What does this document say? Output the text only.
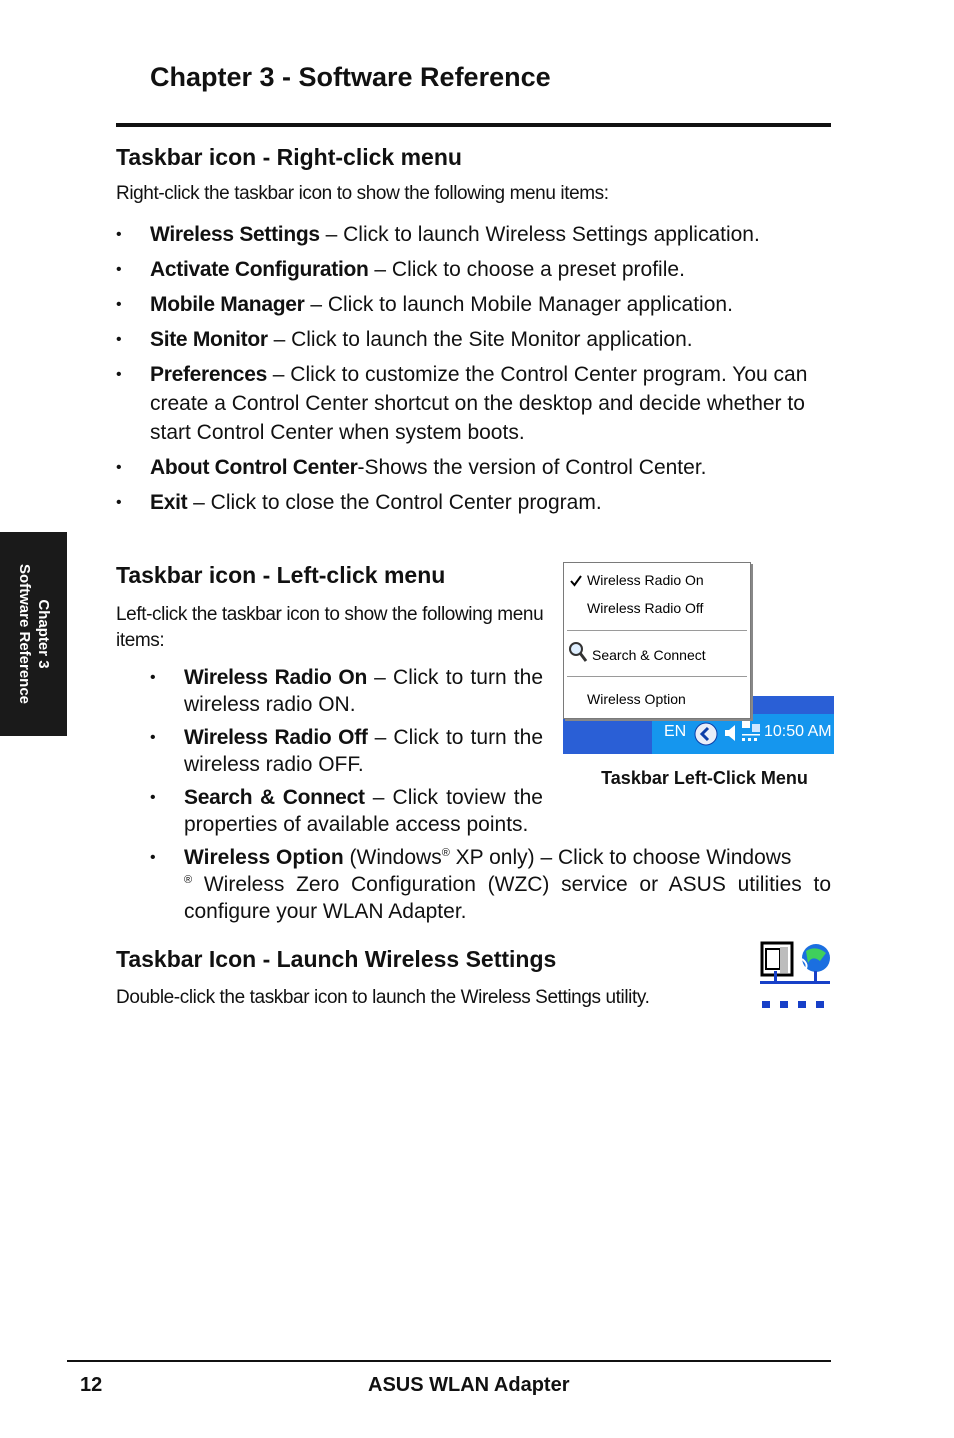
Chapter 3 - Software Reference
Chapter 3
Software Reference
Taskbar icon - Right-click menu

Right-click the taskbar icon to show the following menu items:

• Wireless Settings – Click to launch Wireless Settings application.
• Activate Configuration – Click to choose a preset profile.
• Mobile Manager – Click to launch Mobile Manager application.
• Site Monitor – Click to launch the Site Monitor application.
• Preferences – Click to customize the Control Center program. You can create a Control Center shortcut on the desktop and decide whether to start Control Center when system boots.
• About Control Center-Shows the version of Control Center.
• Exit – Click to close the Control Center program.
Taskbar icon - Left-click menu

Left-click the taskbar icon to show the following menu items:

• Wireless Radio On – Click to turn the wireless radio ON.
• Wireless Radio Off – Click to turn the wireless radio OFF.
• Search & Connect – Click toview the properties of available access points.
•	Wireless Option (Windows® XP only) – Click to choose Windows
® Wireless Zero Configuration (WZC) service or ASUS utilities to configure your WLAN Adapter.
EN	10:50 AM
Wireless Radio On
Wireless Radio Off
Search & Connect
Wireless Option
Taskbar Left-Click Menu
Taskbar Icon - Launch Wireless Settings

Double-click the taskbar icon to launch the Wireless Settings utility.

12	ASUS WLAN Adapter
